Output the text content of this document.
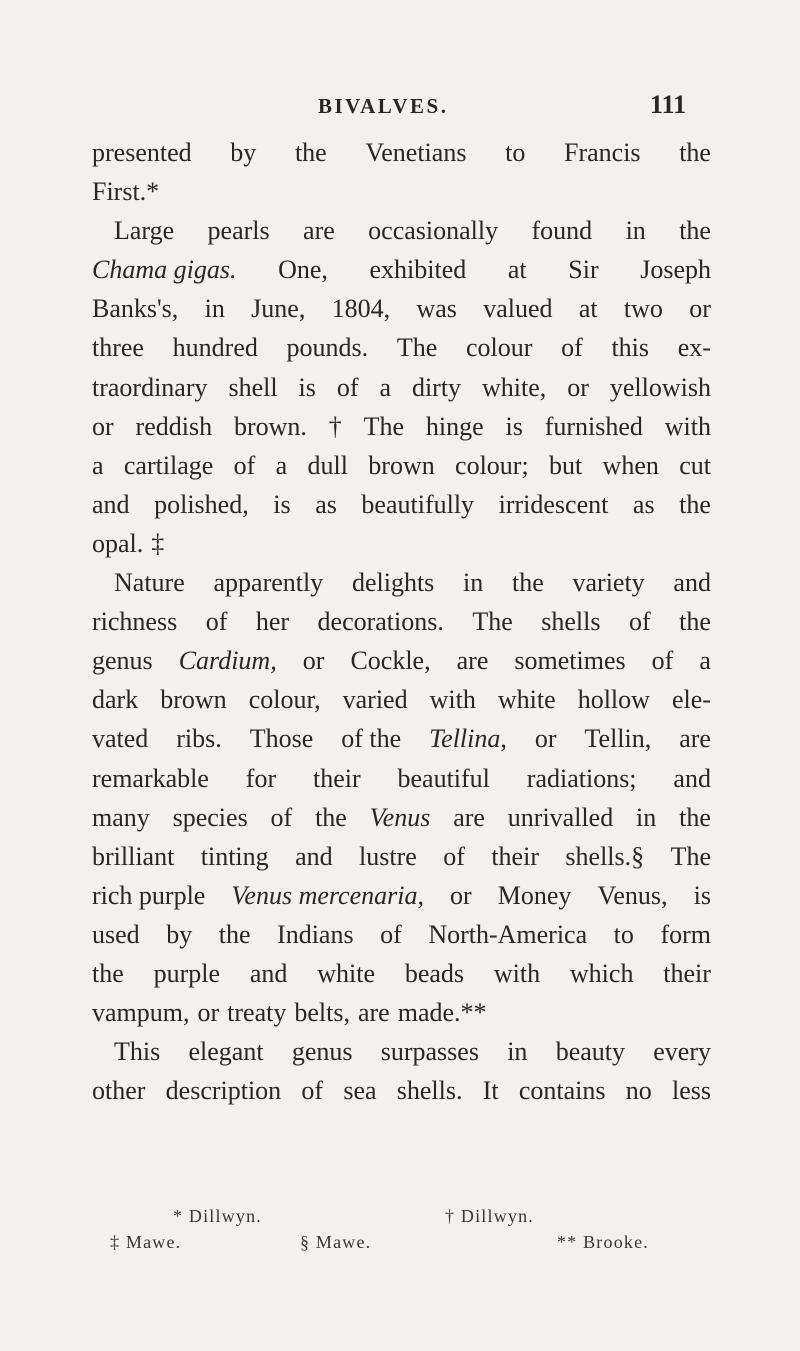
BIVALVES.	111
presented by the Venetians to Francis the
First.*
Large pearls are occasionally found in the
Chama gigas. One, exhibited at Sir Joseph
Banks's, in June, 1804, was valued at two or
three hundred pounds. The colour of this ex-
traordinary shell is of a dirty white, or yellowish
or reddish brown. † The hinge is furnished with
a cartilage of a dull brown colour; but when cut
and polished, is as beautifully irridescent as the
opal. ‡
Nature apparently delights in the variety and
richness of her decorations. The shells of the
genus Cardium, or Cockle, are sometimes of a
dark brown colour, varied with white hollow ele-
vated ribs. Those of the Tellina, or Tellin, are
remarkable for their beautiful radiations; and
many species of the Venus are unrivalled in the
brilliant tinting and lustre of their shells.§ The
rich purple Venus mercenaria, or Money Venus, is
used by the Indians of North-America to form
the purple and white beads with which their
vampum, or treaty belts, are made.**
This elegant genus surpasses in beauty every
other description of sea shells. It contains no less
* Dillwyn.	† Dillwyn.
‡ Mawe.	§ Mawe.	** Brooke.
